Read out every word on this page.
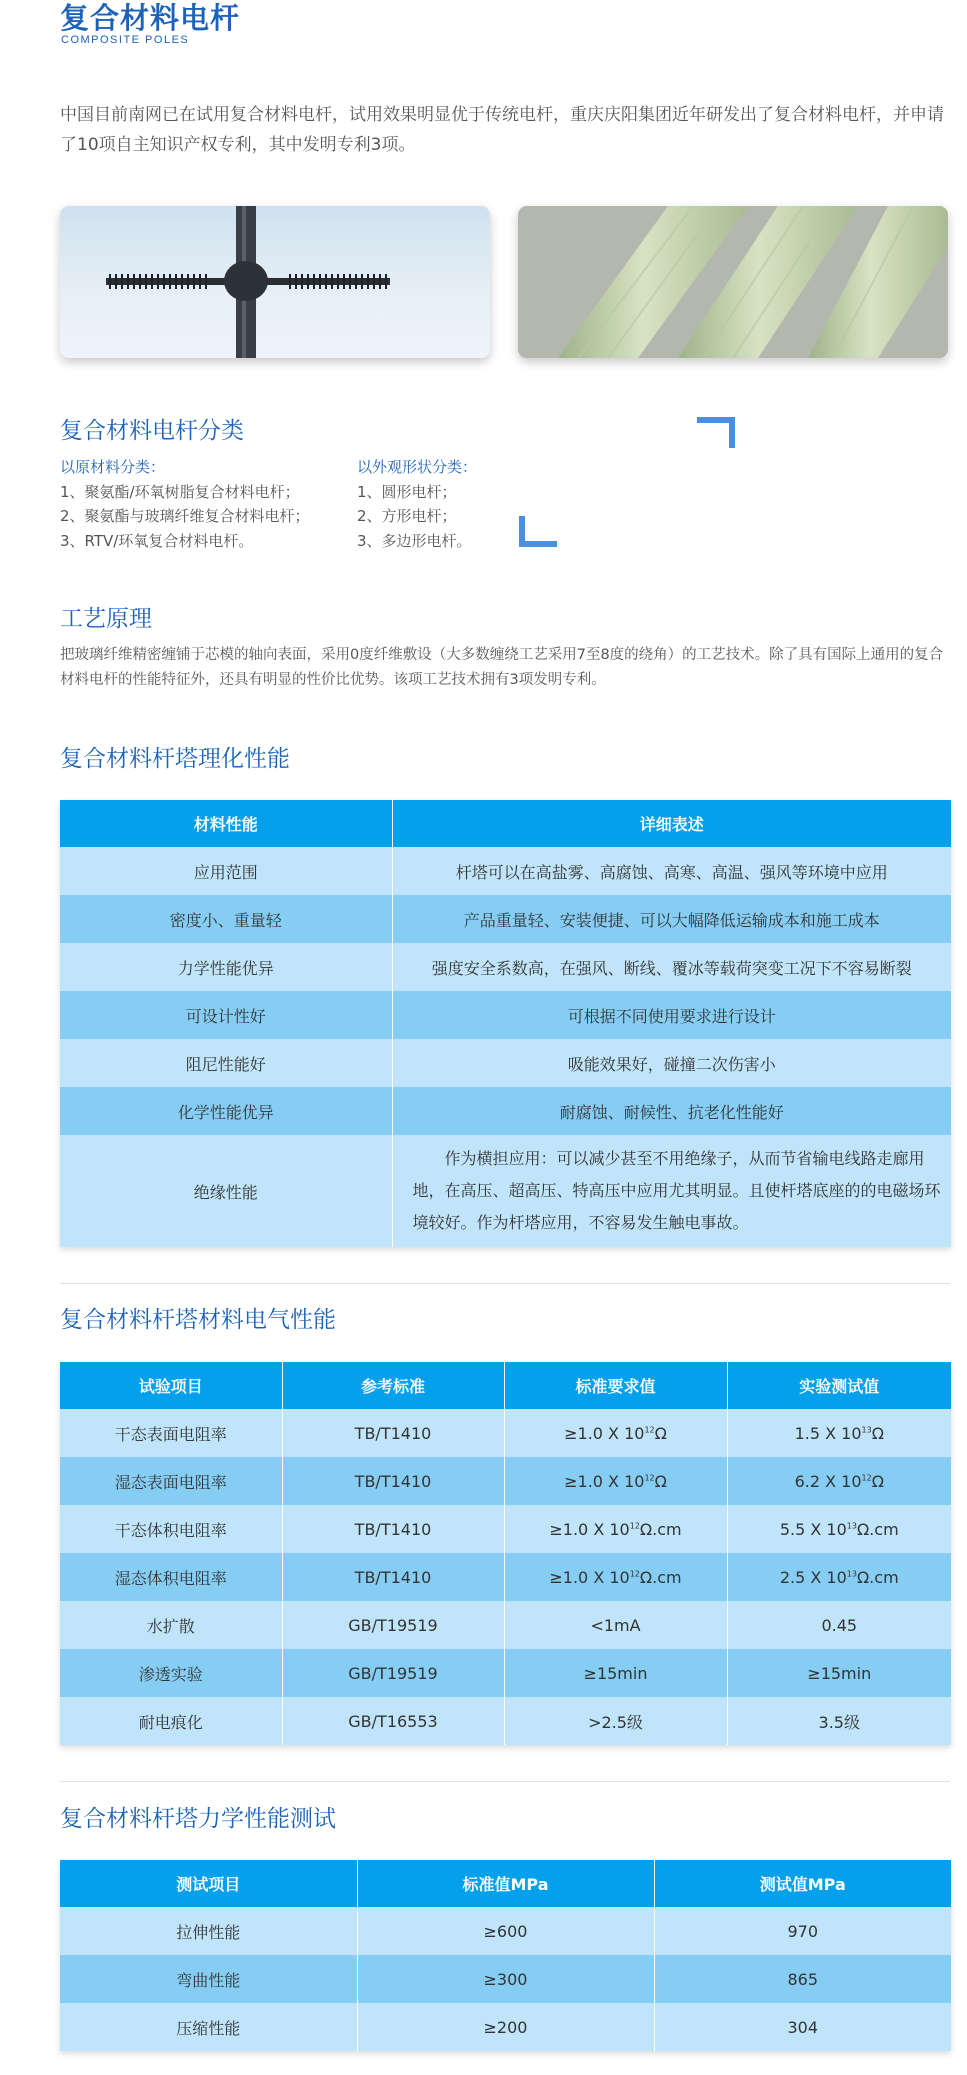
复合材料电杆
COMPOSITE POLES

中国目前南网已在试用复合材料电杆，试用效果明显优于传统电杆，重庆庆阳集团近年研发出了复合材料电杆，并申请了10项自主知识产权专利，其中发明专利3项。

复合材料电杆分类
以原材料分类：
1、聚氨酯/环氧树脂复合材料电杆；
2、聚氨酯与玻璃纤维复合材料电杆；
3、RTV/环氧复合材料电杆。
以外观形状分类：
1、圆形电杆；
2、方形电杆；
3、多边形电杆。
工艺原理

把玻璃纤维精密缠铺于芯模的轴向表面，采用0度纤维敷设（大多数缠绕工艺采用7至8度的绕角）的工艺技术。除了具有国际上通用的复合材料电杆的性能特征外，还具有明显的性价比优势。该项工艺技术拥有3项发明专利。

复合材料杆塔理化性能
材料性能	详细表述
应用范围	杆塔可以在高盐雾、高腐蚀、高寒、高温、强风等环境中应用
密度小、重量轻	产品重量轻、安装便捷、可以大幅降低运输成本和施工成本
力学性能优异	强度安全系数高，在强风、断线、覆冰等载荷突变工况下不容易断裂
可设计性好	可根据不同使用要求进行设计
阻尼性能好	吸能效果好，碰撞二次伤害小
化学性能优异	耐腐蚀、耐候性、抗老化性能好
绝缘性能	作为横担应用：可以减少甚至不用绝缘子，从而节省输电线路走廊用地，在高压、超高压、特高压中应用尤其明显。且使杆塔底座的的电磁场环境较好。作为杆塔应用，不容易发生触电事故。
复合材料杆塔材料电气性能
试验项目	参考标准	标准要求值	实验测试值
干态表面电阻率	TB/T1410	≥1.0 X $10^{12}\Omega$	1.5 X $10^{13}\Omega$
湿态表面电阻率	TB/T1410	≥1.0 X $10^{12}\Omega$	6.2 X $10^{12}\Omega$
干态体积电阻率	TB/T1410	≥1.0 X $10^{12}\Omega.cm$	5.5 X $10^{13}\Omega.cm$
湿态体积电阻率	TB/T1410	≥1.0 X $10^{12}\Omega.cm$	2.5 X $10^{13}\Omega.cm$
水扩散	GB/T19519	<1mA	0.45
渗透实验	GB/T19519	≥15min	≥15min
耐电痕化	GB/T16553	>2.5级	3.5级
复合材料杆塔力学性能测试
测试项目	标准值MPa	测试值MPa
拉伸性能	≥600	970
弯曲性能	≥300	865
压缩性能	≥200	304
